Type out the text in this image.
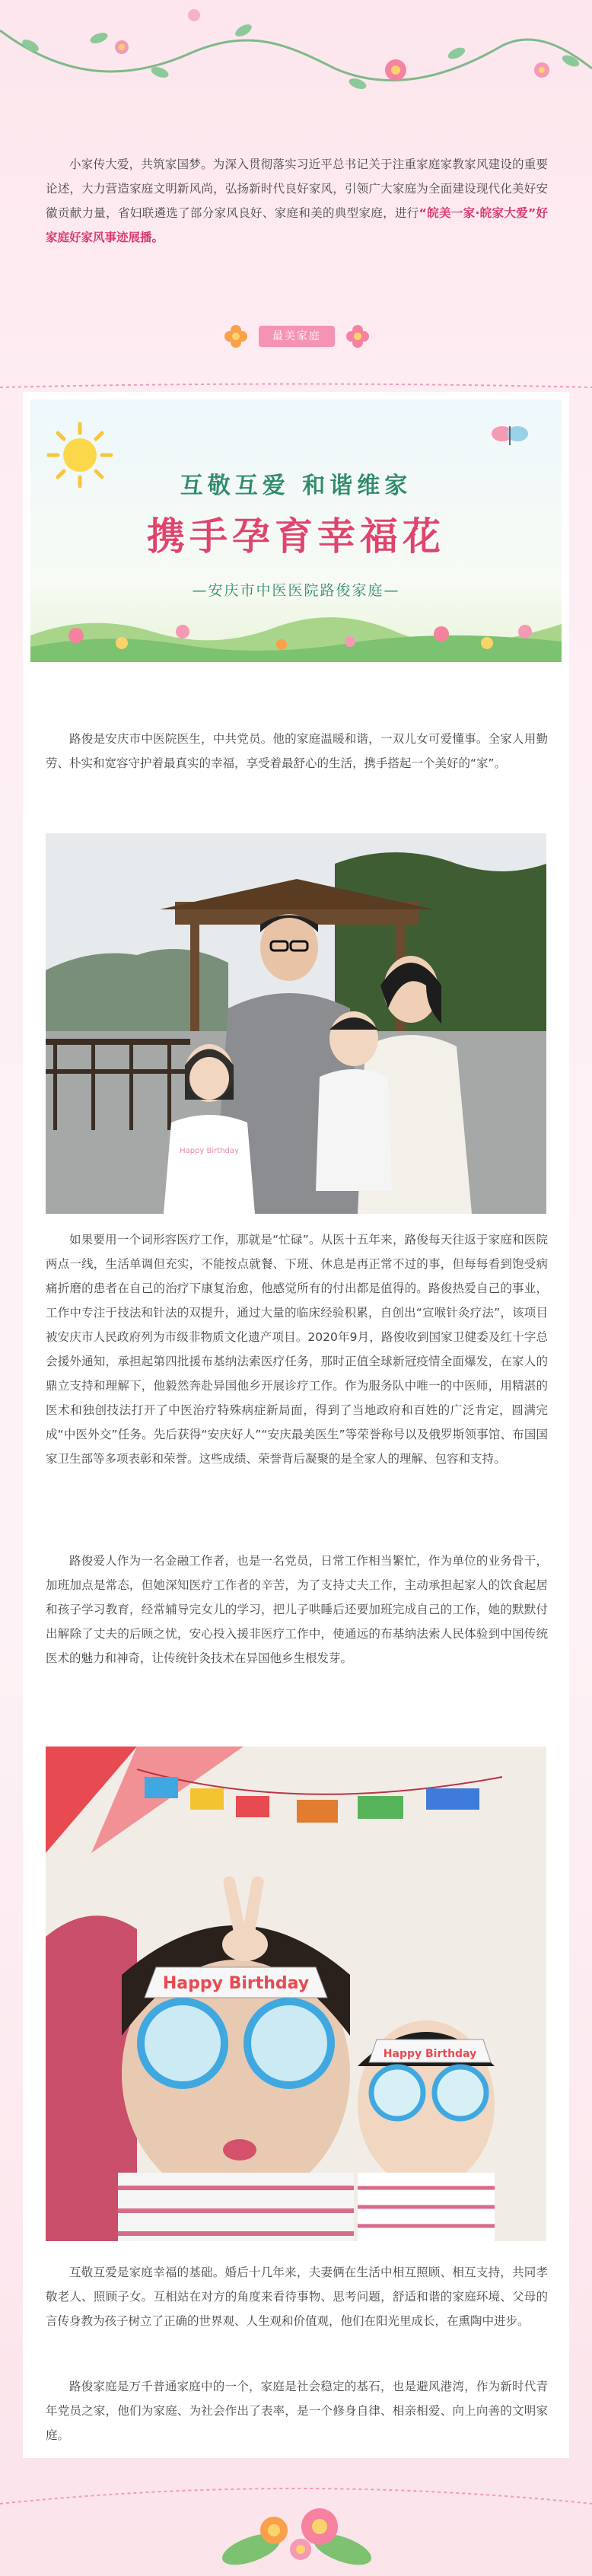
小家传大爱，共筑家国梦。为深入贯彻落实习近平总书记关于注重家庭家教家风建设的重要论述，大力营造家庭文明新风尚，弘扬新时代良好家风，引领广大家庭为全面建设现代化美好安徽贡献力量，省妇联遴选了部分家风良好、家庭和美的典型家庭，进行“皖美一家·皖家大爱”好家庭好家风事迹展播。
最美家庭
互敬互爱 和谐维家
携手孕育幸福花
—安庆市中医医院路俊家庭—
路俊是安庆市中医院医生，中共党员。他的家庭温暖和谐，一双儿女可爱懂事。全家人用勤劳、朴实和宽容守护着最真实的幸福，享受着最舒心的生活，携手搭起一个美好的“家”。
Happy Birthday
如果要用一个词形容医疗工作，那就是“忙碌”。从医十五年来，路俊每天往返于家庭和医院两点一线，生活单调但充实，不能按点就餐、下班、休息是再正常不过的事，但每每看到饱受病痛折磨的患者在自己的治疗下康复治愈，他感觉所有的付出都是值得的。路俊热爱自己的事业，工作中专注于技法和针法的双提升，通过大量的临床经验积累，自创出“宣喉针灸疗法”，该项目被安庆市人民政府列为市级非物质文化遗产项目。2020年9月，路俊收到国家卫健委及红十字总会援外通知，承担起第四批援布基纳法索医疗任务，那时正值全球新冠疫情全面爆发，在家人的鼎立支持和理解下，他毅然奔赴异国他乡开展诊疗工作。作为服务队中唯一的中医师，用精湛的医术和独创技法打开了中医治疗特殊病症新局面，得到了当地政府和百姓的广泛肯定，圆满完成“中医外交”任务。先后获得“安庆好人”“安庆最美医生”等荣誉称号以及俄罗斯领事馆、布国国家卫生部等多项表彰和荣誉。这些成绩、荣誉背后凝聚的是全家人的理解、包容和支持。
路俊爱人作为一名金融工作者，也是一名党员，日常工作相当繁忙，作为单位的业务骨干，加班加点是常态，但她深知医疗工作者的辛苦，为了支持丈夫工作，主动承担起家人的饮食起居和孩子学习教育，经常辅导完女儿的学习，把儿子哄睡后还要加班完成自己的工作，她的默默付出解除了丈夫的后顾之忧，安心投入援非医疗工作中，使通远的布基纳法索人民体验到中国传统医术的魅力和神奇，让传统针灸技术在异国他乡生根发芽。
Happy Birthday
Happy Birthday
互敬互爱是家庭幸福的基础。婚后十几年来，夫妻俩在生活中相互照顾、相互支持，共同孝敬老人、照顾子女。互相站在对方的角度来看待事物、思考问题，舒适和谐的家庭环境、父母的言传身教为孩子树立了正确的世界观、人生观和价值观，他们在阳光里成长，在熏陶中进步。
路俊家庭是万千普通家庭中的一个，家庭是社会稳定的基石，也是避风港湾，作为新时代青年党员之家，他们为家庭、为社会作出了表率，是一个修身自律、相亲相爱、向上向善的文明家庭。
